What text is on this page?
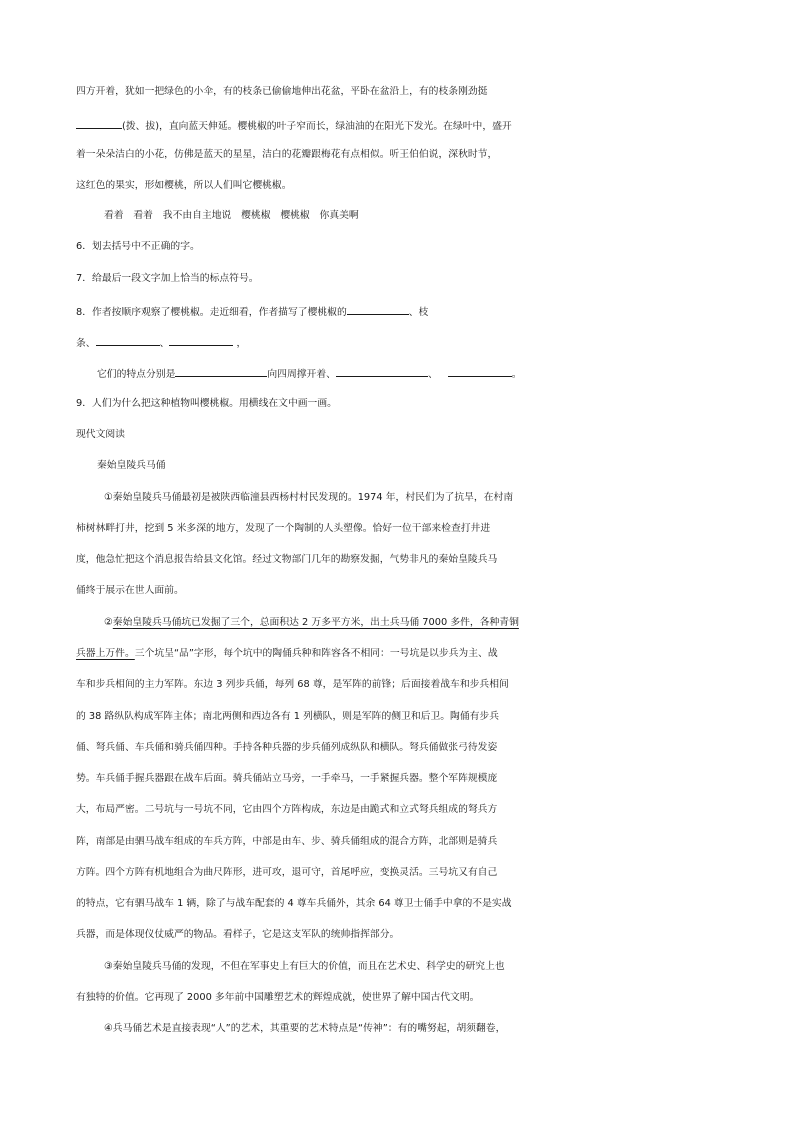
四方开着，犹如一把绿色的小伞，有的枝条已偷偷地伸出花盆，平卧在盆沿上，有的枝条刚劲挺

(拨、拔)，直向蓝天伸延。樱桃椒的叶子窄而长，绿油油的在阳光下发光。在绿叶中，盛开

着一朵朵洁白的小花，仿佛是蓝天的星星，洁白的花瓣跟梅花有点相似。听王伯伯说，深秋时节，

这红色的果实，形如樱桃，所以人们叫它樱桃椒。

看着　看着　我不由自主地说　樱桃椒　樱桃椒　你真美啊

6．划去括号中不正确的字。

7．给最后一段文字加上恰当的标点符号。

8．作者按顺序观察了樱桃椒。走近细看，作者描写了樱桃椒的	、枝

条、	、	，

它们的特点分别是	向四周撑开着、	、	。

9．人们为什么把这种植物叫樱桃椒。用横线在文中画一画。

现代文阅读

秦始皇陵兵马俑

①秦始皇陵兵马俑最初是被陕西临潼县西杨村村民发现的。1974 年，村民们为了抗旱，在村南

柿树林畔打井，挖到 5 米多深的地方，发现了一个陶制的人头塑像。恰好一位干部来检查打井进

度，他急忙把这个消息报告给县文化馆。经过文物部门几年的勘察发掘，气势非凡的秦始皇陵兵马

俑终于展示在世人面前。

②秦始皇陵兵马俑坑已发掘了三个，总面积达 2 万多平方米，出土兵马俑 7000 多件，各种青铜

兵器上万件。三个坑呈“品”字形，每个坑中的陶俑兵种和阵容各不相同：一号坑是以步兵为主、战

车和步兵相间的主力军阵。东边 3 列步兵俑，每列 68 尊，是军阵的前锋；后面接着战车和步兵相间

的 38 路纵队构成军阵主体；南北两侧和西边各有 1 列横队，则是军阵的侧卫和后卫。陶俑有步兵

俑、弩兵俑、车兵俑和骑兵俑四种。手持各种兵器的步兵俑列成纵队和横队。弩兵俑做张弓待发姿

势。车兵俑手握兵器跟在战车后面。骑兵俑站立马旁，一手牵马，一手紧握兵器。整个军阵规模庞

大，布局严密。二号坑与一号坑不同，它由四个方阵构成，东边是由跪式和立式弩兵组成的弩兵方

阵，南部是由驷马战车组成的车兵方阵，中部是由车、步、骑兵俑组成的混合方阵，北部则是骑兵

方阵。四个方阵有机地组合为曲尺阵形，进可攻，退可守，首尾呼应，变换灵活。三号坑又有自己

的特点，它有驷马战车 1 辆，除了与战车配套的 4 尊车兵俑外，其余 64 尊卫士俑手中拿的不是实战

兵器，而是体现仪仗威严的物品。看样子，它是这支军队的统帅指挥部分。

③秦始皇陵兵马俑的发现，不但在军事史上有巨大的价值，而且在艺术史、科学史的研究上也

有独特的价值。它再现了 2000 多年前中国雕塑艺术的辉煌成就，使世界了解中国古代文明。

④兵马俑艺术是直接表现“人”的艺术，其重要的艺术特点是“传神”：有的嘴努起，胡须翻卷，
